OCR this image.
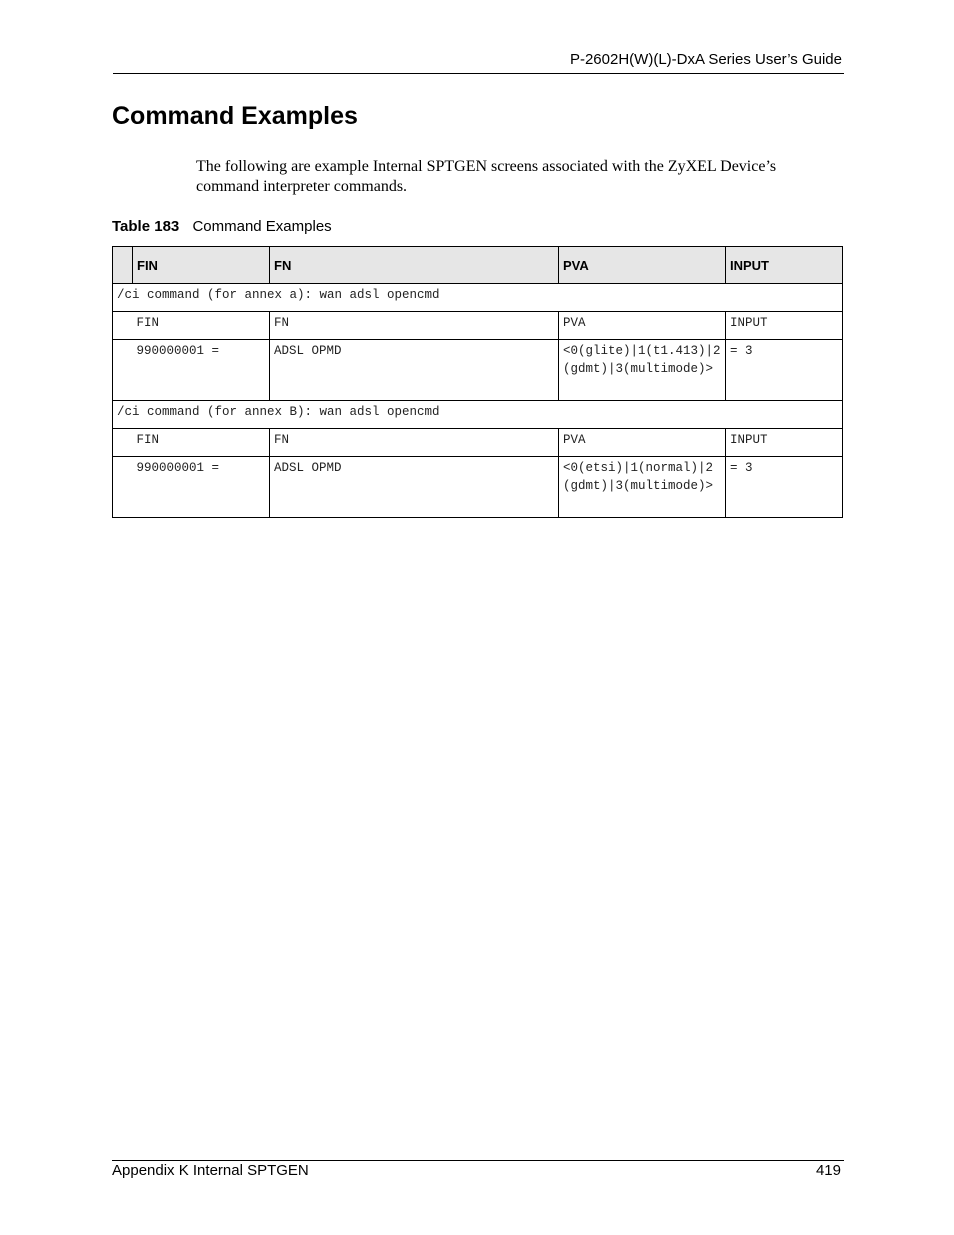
P-2602H(W)(L)-DxA Series User’s Guide
Command Examples

The following are example Internal SPTGEN screens associated with the ZyXEL Device’s command interpreter commands.

Table 183 Command Examples
	FIN	FN	PVA	INPUT
/ci command (for annex a): wan adsl opencmd				
	FIN	FN	PVA	INPUT
	990000001 =	ADSL OPMD	<0(glite)|1(t1.413)|2(gdmt)|3(multimode)>	= 3
/ci command (for annex B): wan adsl opencmd				
	FIN	FN	PVA	INPUT
	990000001 =	ADSL OPMD	<0(etsi)|1(normal)|2(gdmt)|3(multimode)>	= 3
Appendix K Internal SPTGEN	419
